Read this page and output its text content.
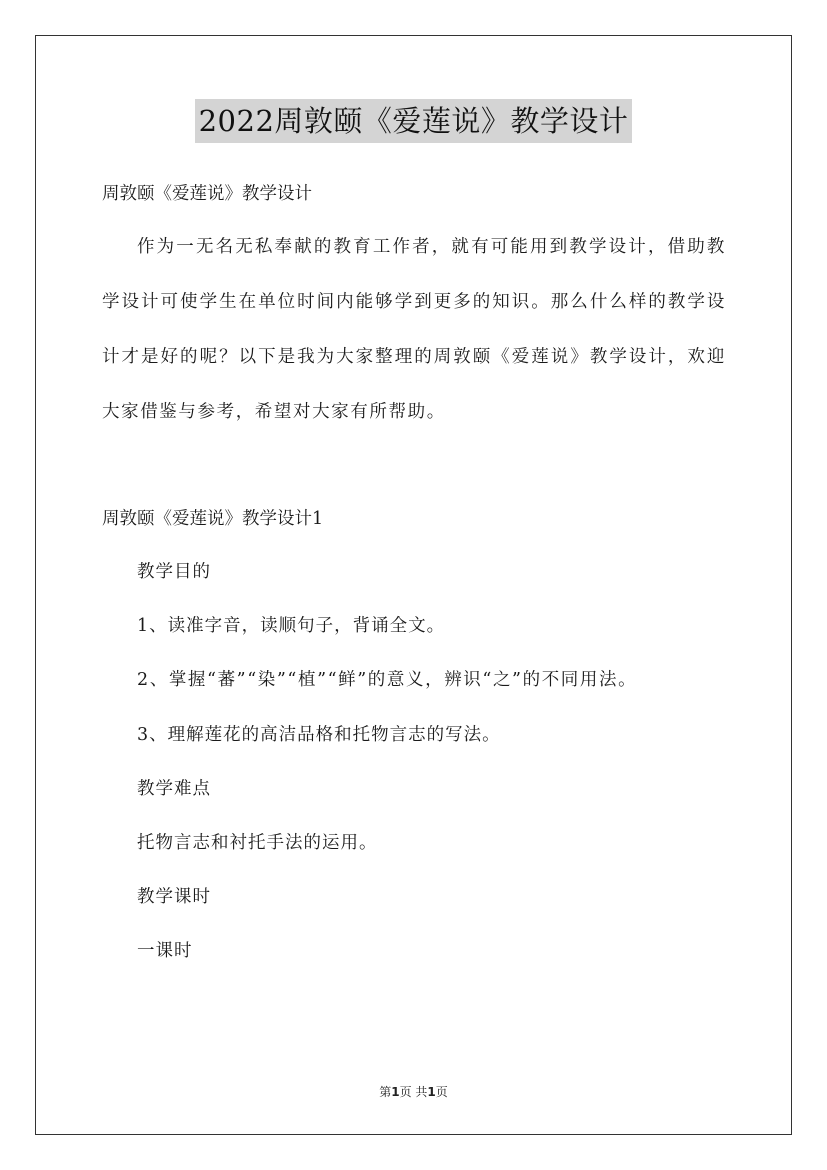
2022周敦颐《爱莲说》教学设计

周敦颐《爱莲说》教学设计

作为一无名无私奉献的教育工作者，就有可能用到教学设计，借助教学设计可使学生在单位时间内能够学到更多的知识。那么什么样的教学设计才是好的呢？以下是我为大家整理的周敦颐《爱莲说》教学设计，欢迎大家借鉴与参考，希望对大家有所帮助。

周敦颐《爱莲说》教学设计1

教学目的

1、读准字音，读顺句子，背诵全文。

2、掌握“蕃”“染”“植”“鲜”的意义，辨识“之”的不同用法。

3、理解莲花的高洁品格和托物言志的写法。

教学难点

托物言志和衬托手法的运用。

教学课时

一课时

第1页 共1页
